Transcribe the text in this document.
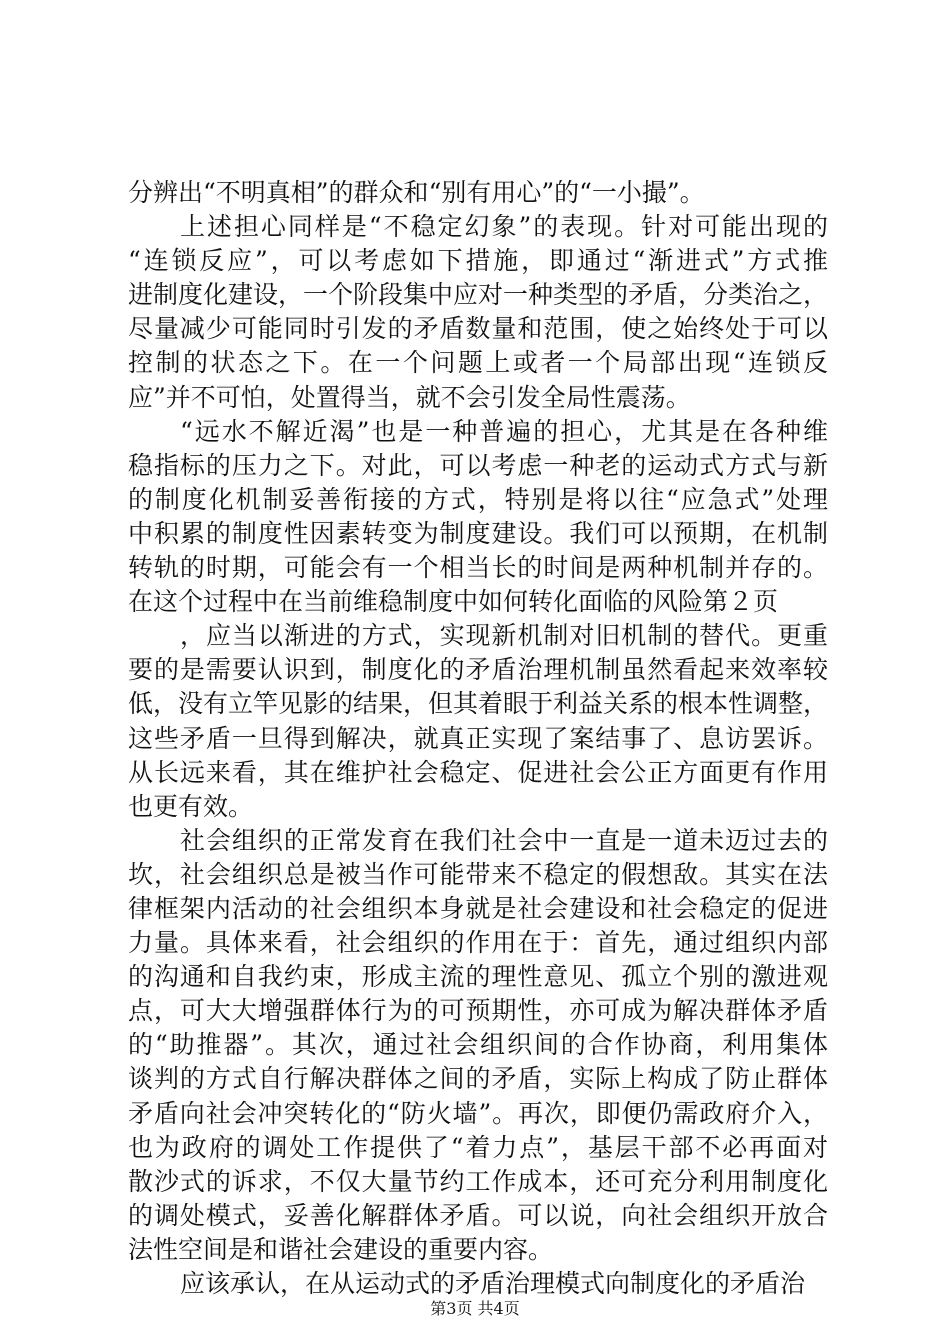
分辨出“不明真相”的群众和“别有用心”的“一小撮”。
上述担心同样是“不稳定幻象”的表现。针对可能出现的
“连锁反应”，可以考虑如下措施，即通过“渐进式”方式推
进制度化建设，一个阶段集中应对一种类型的矛盾，分类治之，
尽量减少可能同时引发的矛盾数量和范围，使之始终处于可以
控制的状态之下。在一个问题上或者一个局部出现“连锁反
应”并不可怕，处置得当，就不会引发全局性震荡。
“远水不解近渴”也是一种普遍的担心，尤其是在各种维
稳指标的压力之下。对此，可以考虑一种老的运动式方式与新
的制度化机制妥善衔接的方式，特别是将以往“应急式”处理
中积累的制度性因素转变为制度建设。我们可以预期，在机制
转轨的时期，可能会有一个相当长的时间是两种机制并存的。
在这个过程中在当前维稳制度中如何转化面临的风险第２页
，应当以渐进的方式，实现新机制对旧机制的替代。更重
要的是需要认识到，制度化的矛盾治理机制虽然看起来效率较
低，没有立竿见影的结果，但其着眼于利益关系的根本性调整，
这些矛盾一旦得到解决，就真正实现了案结事了、息访罢诉。
从长远来看，其在维护社会稳定、促进社会公正方面更有作用
也更有效。
社会组织的正常发育在我们社会中一直是一道未迈过去的
坎，社会组织总是被当作可能带来不稳定的假想敌。其实在法
律框架内活动的社会组织本身就是社会建设和社会稳定的促进
力量。具体来看，社会组织的作用在于：首先，通过组织内部
的沟通和自我约束，形成主流的理性意见、孤立个别的激进观
点，可大大增强群体行为的可预期性，亦可成为解决群体矛盾
的“助推器”。其次，通过社会组织间的合作协商，利用集体
谈判的方式自行解决群体之间的矛盾，实际上构成了防止群体
矛盾向社会冲突转化的“防火墙”。再次，即便仍需政府介入，
也为政府的调处工作提供了“着力点”，基层干部不必再面对
散沙式的诉求，不仅大量节约工作成本，还可充分利用制度化
的调处模式，妥善化解群体矛盾。可以说，向社会组织开放合
法性空间是和谐社会建设的重要内容。
应该承认，在从运动式的矛盾治理模式向制度化的矛盾治
第3页 共4页
